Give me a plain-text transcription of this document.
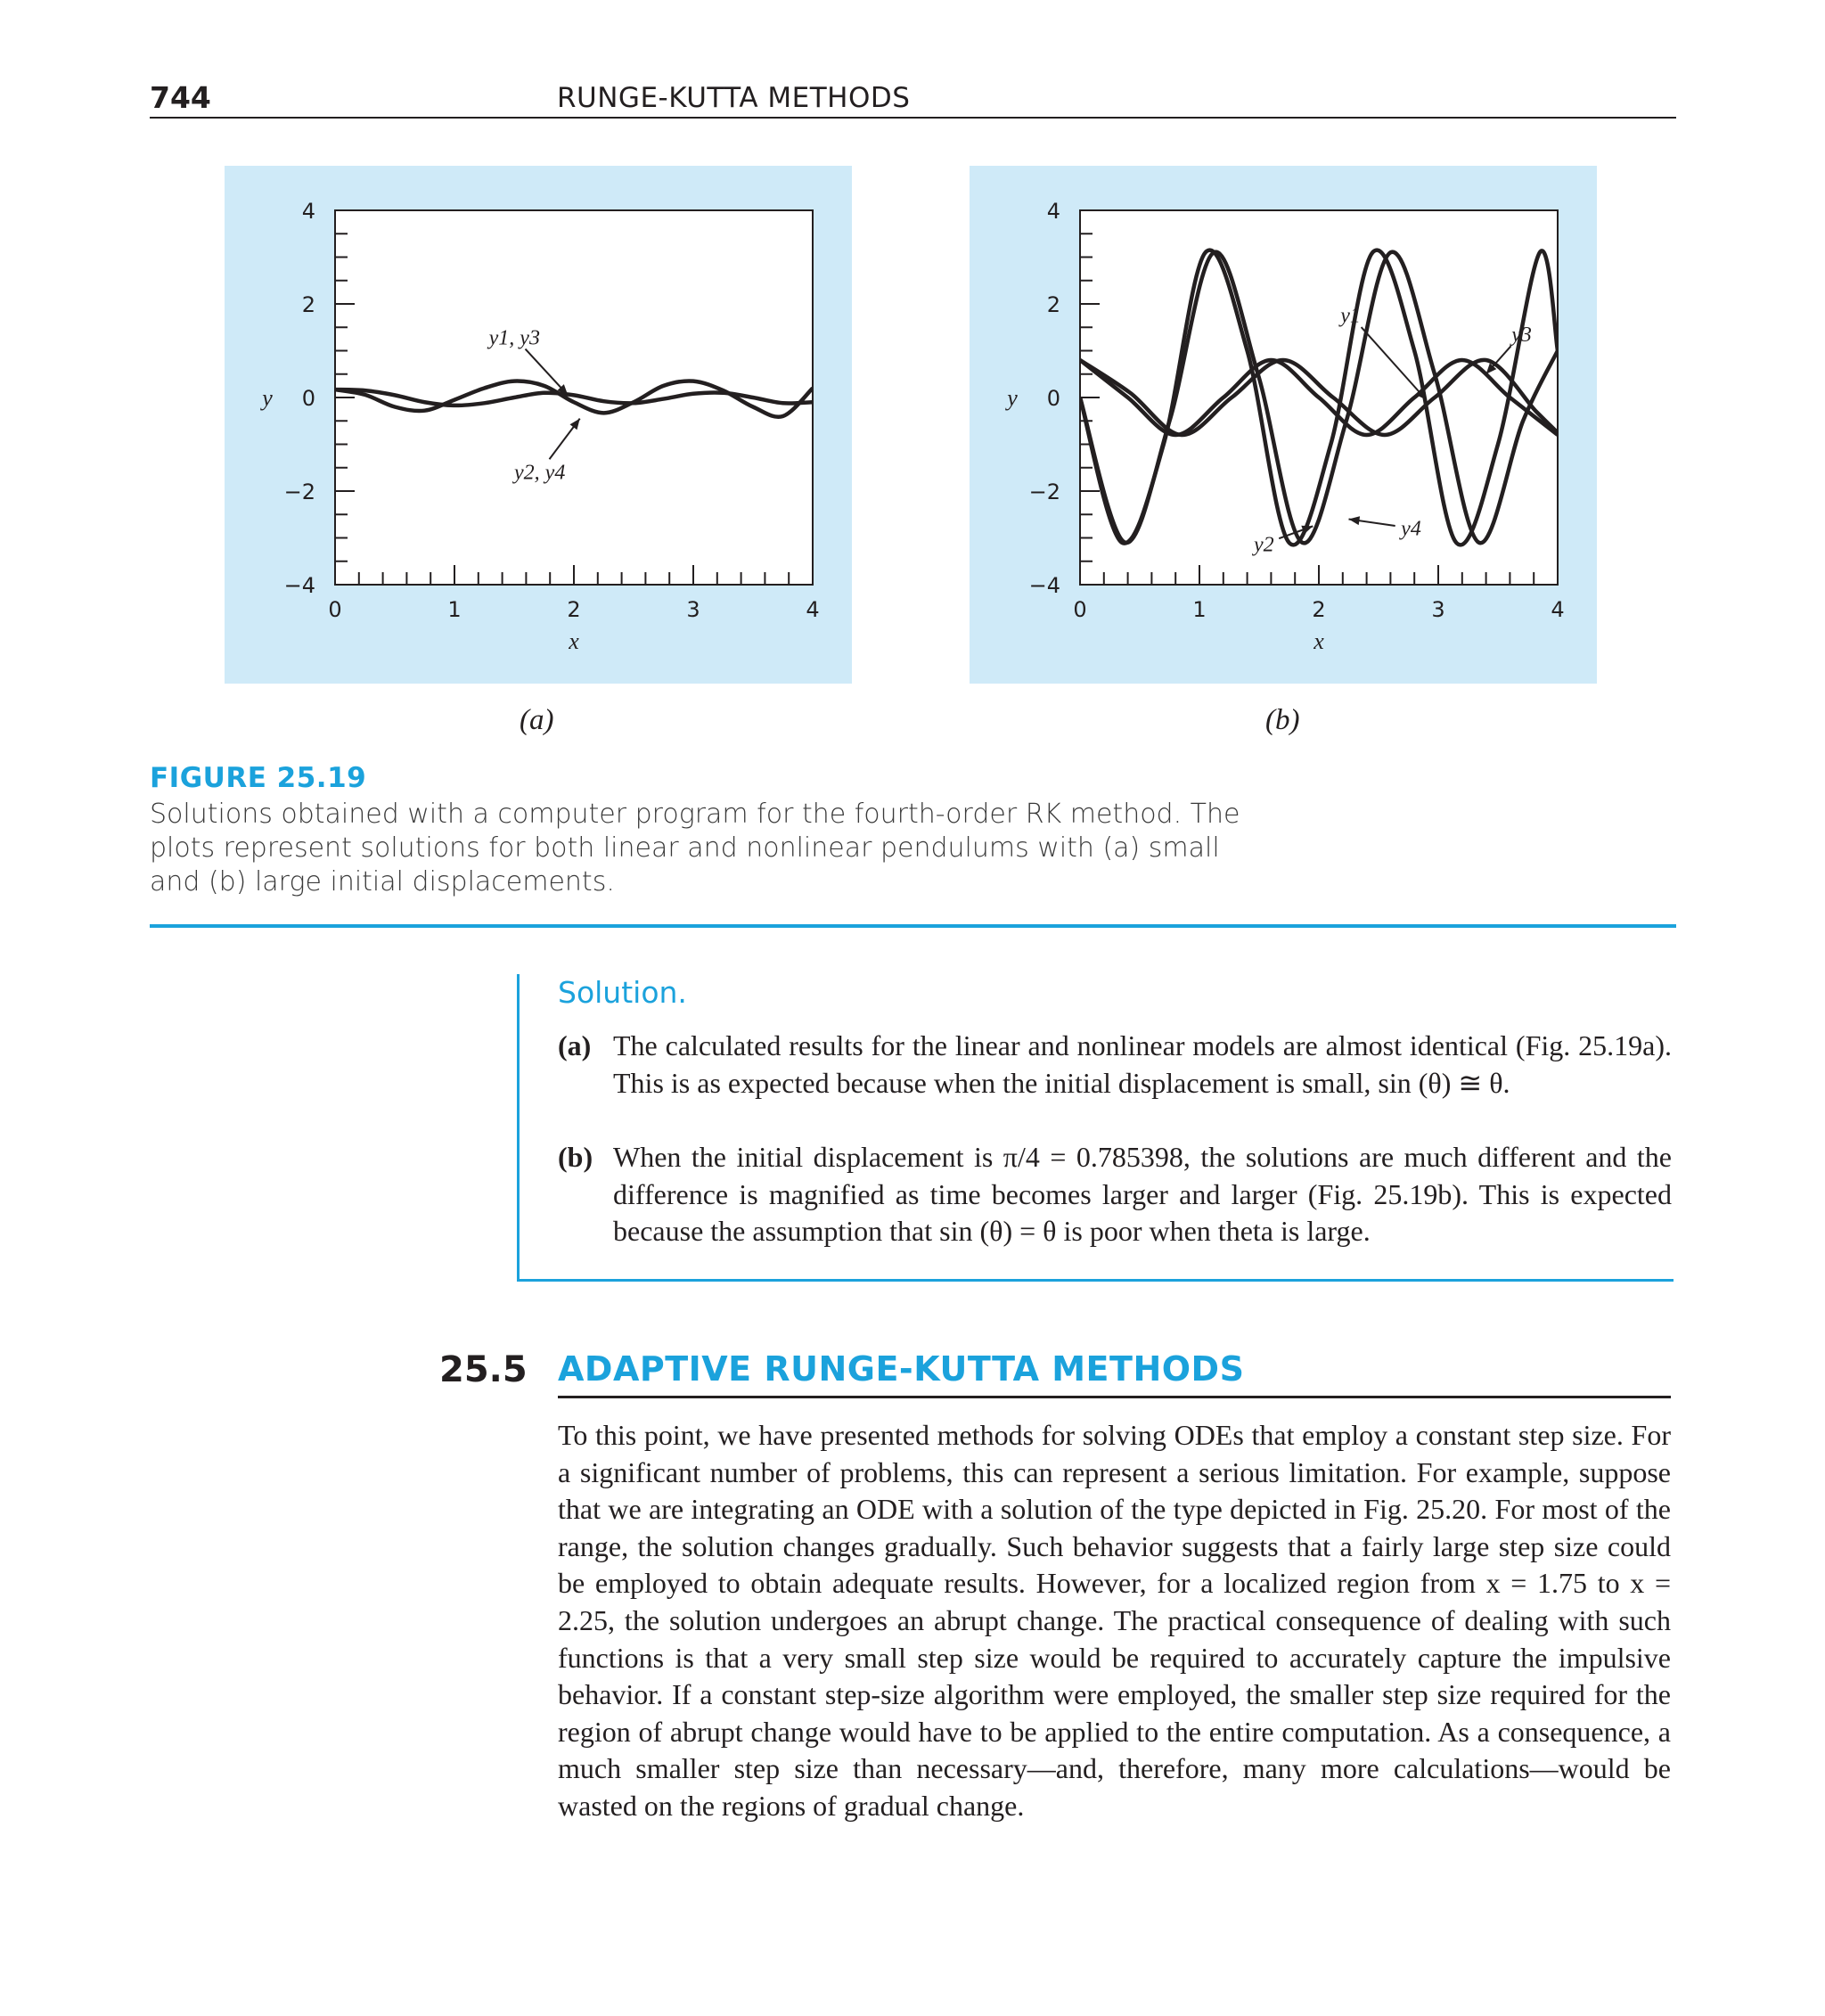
744	RUNGE-KUTTA METHODS
4
2
0
−2
−4
0	1	2	3	4
x
y
y1, y3
y2, y4
4
2
0
−2
−4
0	1	2	3	4
x
y
y1
y3
y2
y4
(a)	(b)
FIGURE 25.19
Solutions obtained with a computer program for the fourth-order RK method. The plots represent solutions for both linear and nonlinear pendulums with (a) small and (b) large initial displacements.
Solution.
(a) The calculated results for the linear and nonlinear models are almost identical (Fig. 25.19a). This is as expected because when the initial displacement is small, sin (θ) ≅ θ.
(b) When the initial displacement is π/4 = 0.785398, the solutions are much different and the difference is magnified as time becomes larger and larger (Fig. 25.19b). This is expected because the assumption that sin (θ) = θ is poor when theta is large.
25.5 ADAPTIVE RUNGE-KUTTA METHODS
To this point, we have presented methods for solving ODEs that employ a constant step size. For a significant number of problems, this can represent a serious limitation. For example, suppose that we are integrating an ODE with a solution of the type depicted in Fig. 25.20. For most of the range, the solution changes gradually. Such behavior suggests that a fairly large step size could be employed to obtain adequate results. However, for a localized region from x = 1.75 to x = 2.25, the solution undergoes an abrupt change. The practical consequence of dealing with such functions is that a very small step size would be required to accurately capture the impulsive behavior. If a constant step-size algorithm were employed, the smaller step size required for the region of abrupt change would have to be applied to the entire computation. As a consequence, a much smaller step size than necessary—and, therefore, many more calculations—would be wasted on the regions of gradual change.
